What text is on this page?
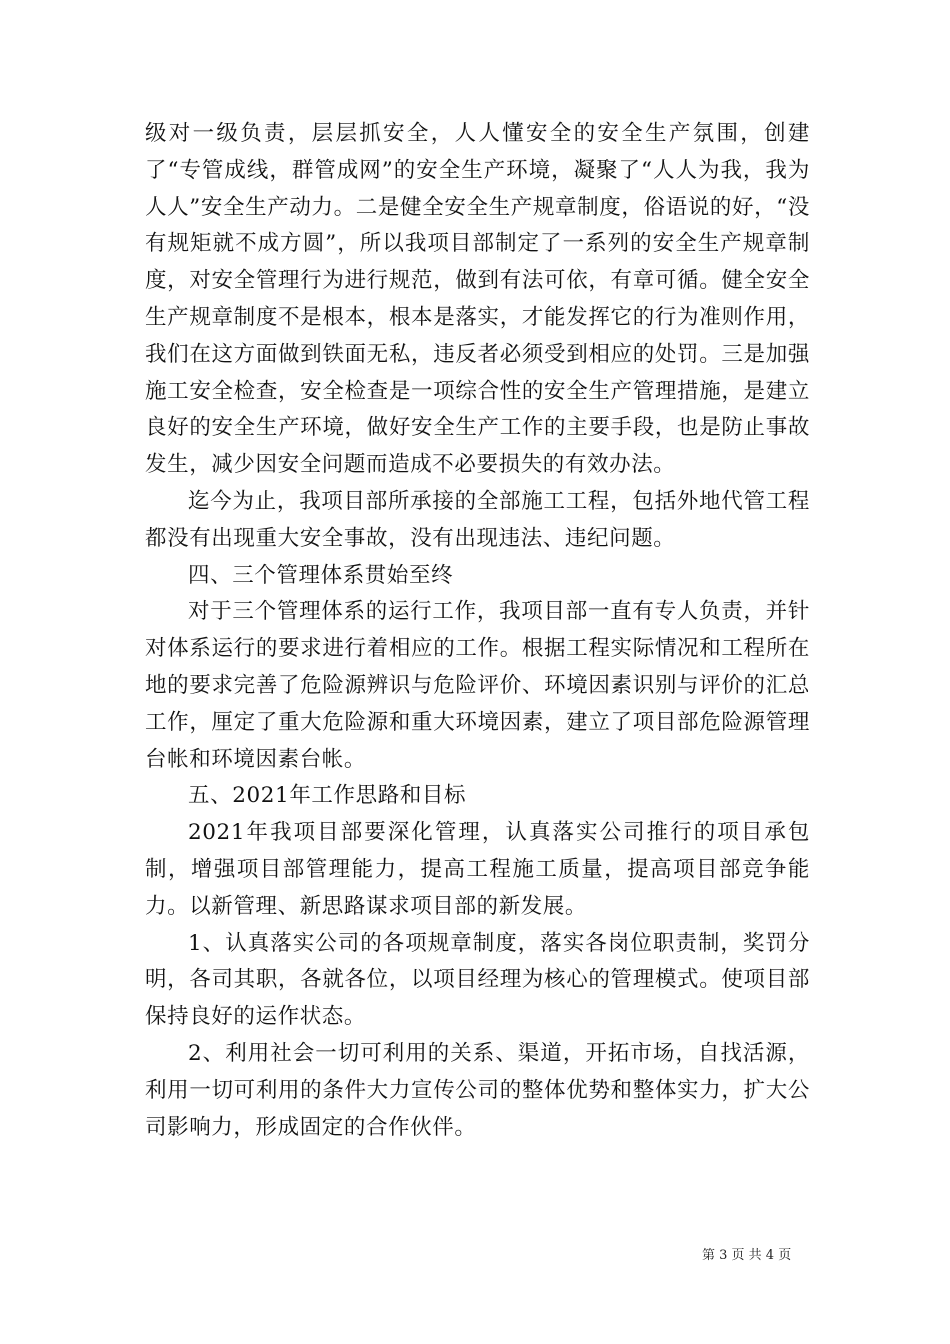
级对一级负责，层层抓安全，人人懂安全的安全生产氛围，创建了“专管成线，群管成网”的安全生产环境，凝聚了“人人为我，我为人人”安全生产动力。二是健全安全生产规章制度，俗语说的好，“没有规矩就不成方圆”，所以我项目部制定了一系列的安全生产规章制度，对安全管理行为进行规范，做到有法可依，有章可循。健全安全生产规章制度不是根本，根本是落实，才能发挥它的行为准则作用，我们在这方面做到铁面无私，违反者必须受到相应的处罚。三是加强施工安全检查，安全检查是一项综合性的安全生产管理措施，是建立良好的安全生产环境，做好安全生产工作的主要手段，也是防止事故发生，减少因安全问题而造成不必要损失的有效办法。

迄今为止，我项目部所承接的全部施工工程，包括外地代管工程都没有出现重大安全事故，没有出现违法、违纪问题。

四、三个管理体系贯始至终

对于三个管理体系的运行工作，我项目部一直有专人负责，并针对体系运行的要求进行着相应的工作。根据工程实际情况和工程所在地的要求完善了危险源辨识与危险评价、环境因素识别与评价的汇总工作，厘定了重大危险源和重大环境因素，建立了项目部危险源管理台帐和环境因素台帐。

五、2021年工作思路和目标

2021年我项目部要深化管理，认真落实公司推行的项目承包制，增强项目部管理能力，提高工程施工质量，提高项目部竞争能力。以新管理、新思路谋求项目部的新发展。

1、认真落实公司的各项规章制度，落实各岗位职责制，奖罚分明，各司其职，各就各位，以项目经理为核心的管理模式。使项目部保持良好的运作状态。

2、利用社会一切可利用的关系、渠道，开拓市场，自找活源，利用一切可利用的条件大力宣传公司的整体优势和整体实力，扩大公司影响力，形成固定的合作伙伴。

第 3 页 共 4 页
